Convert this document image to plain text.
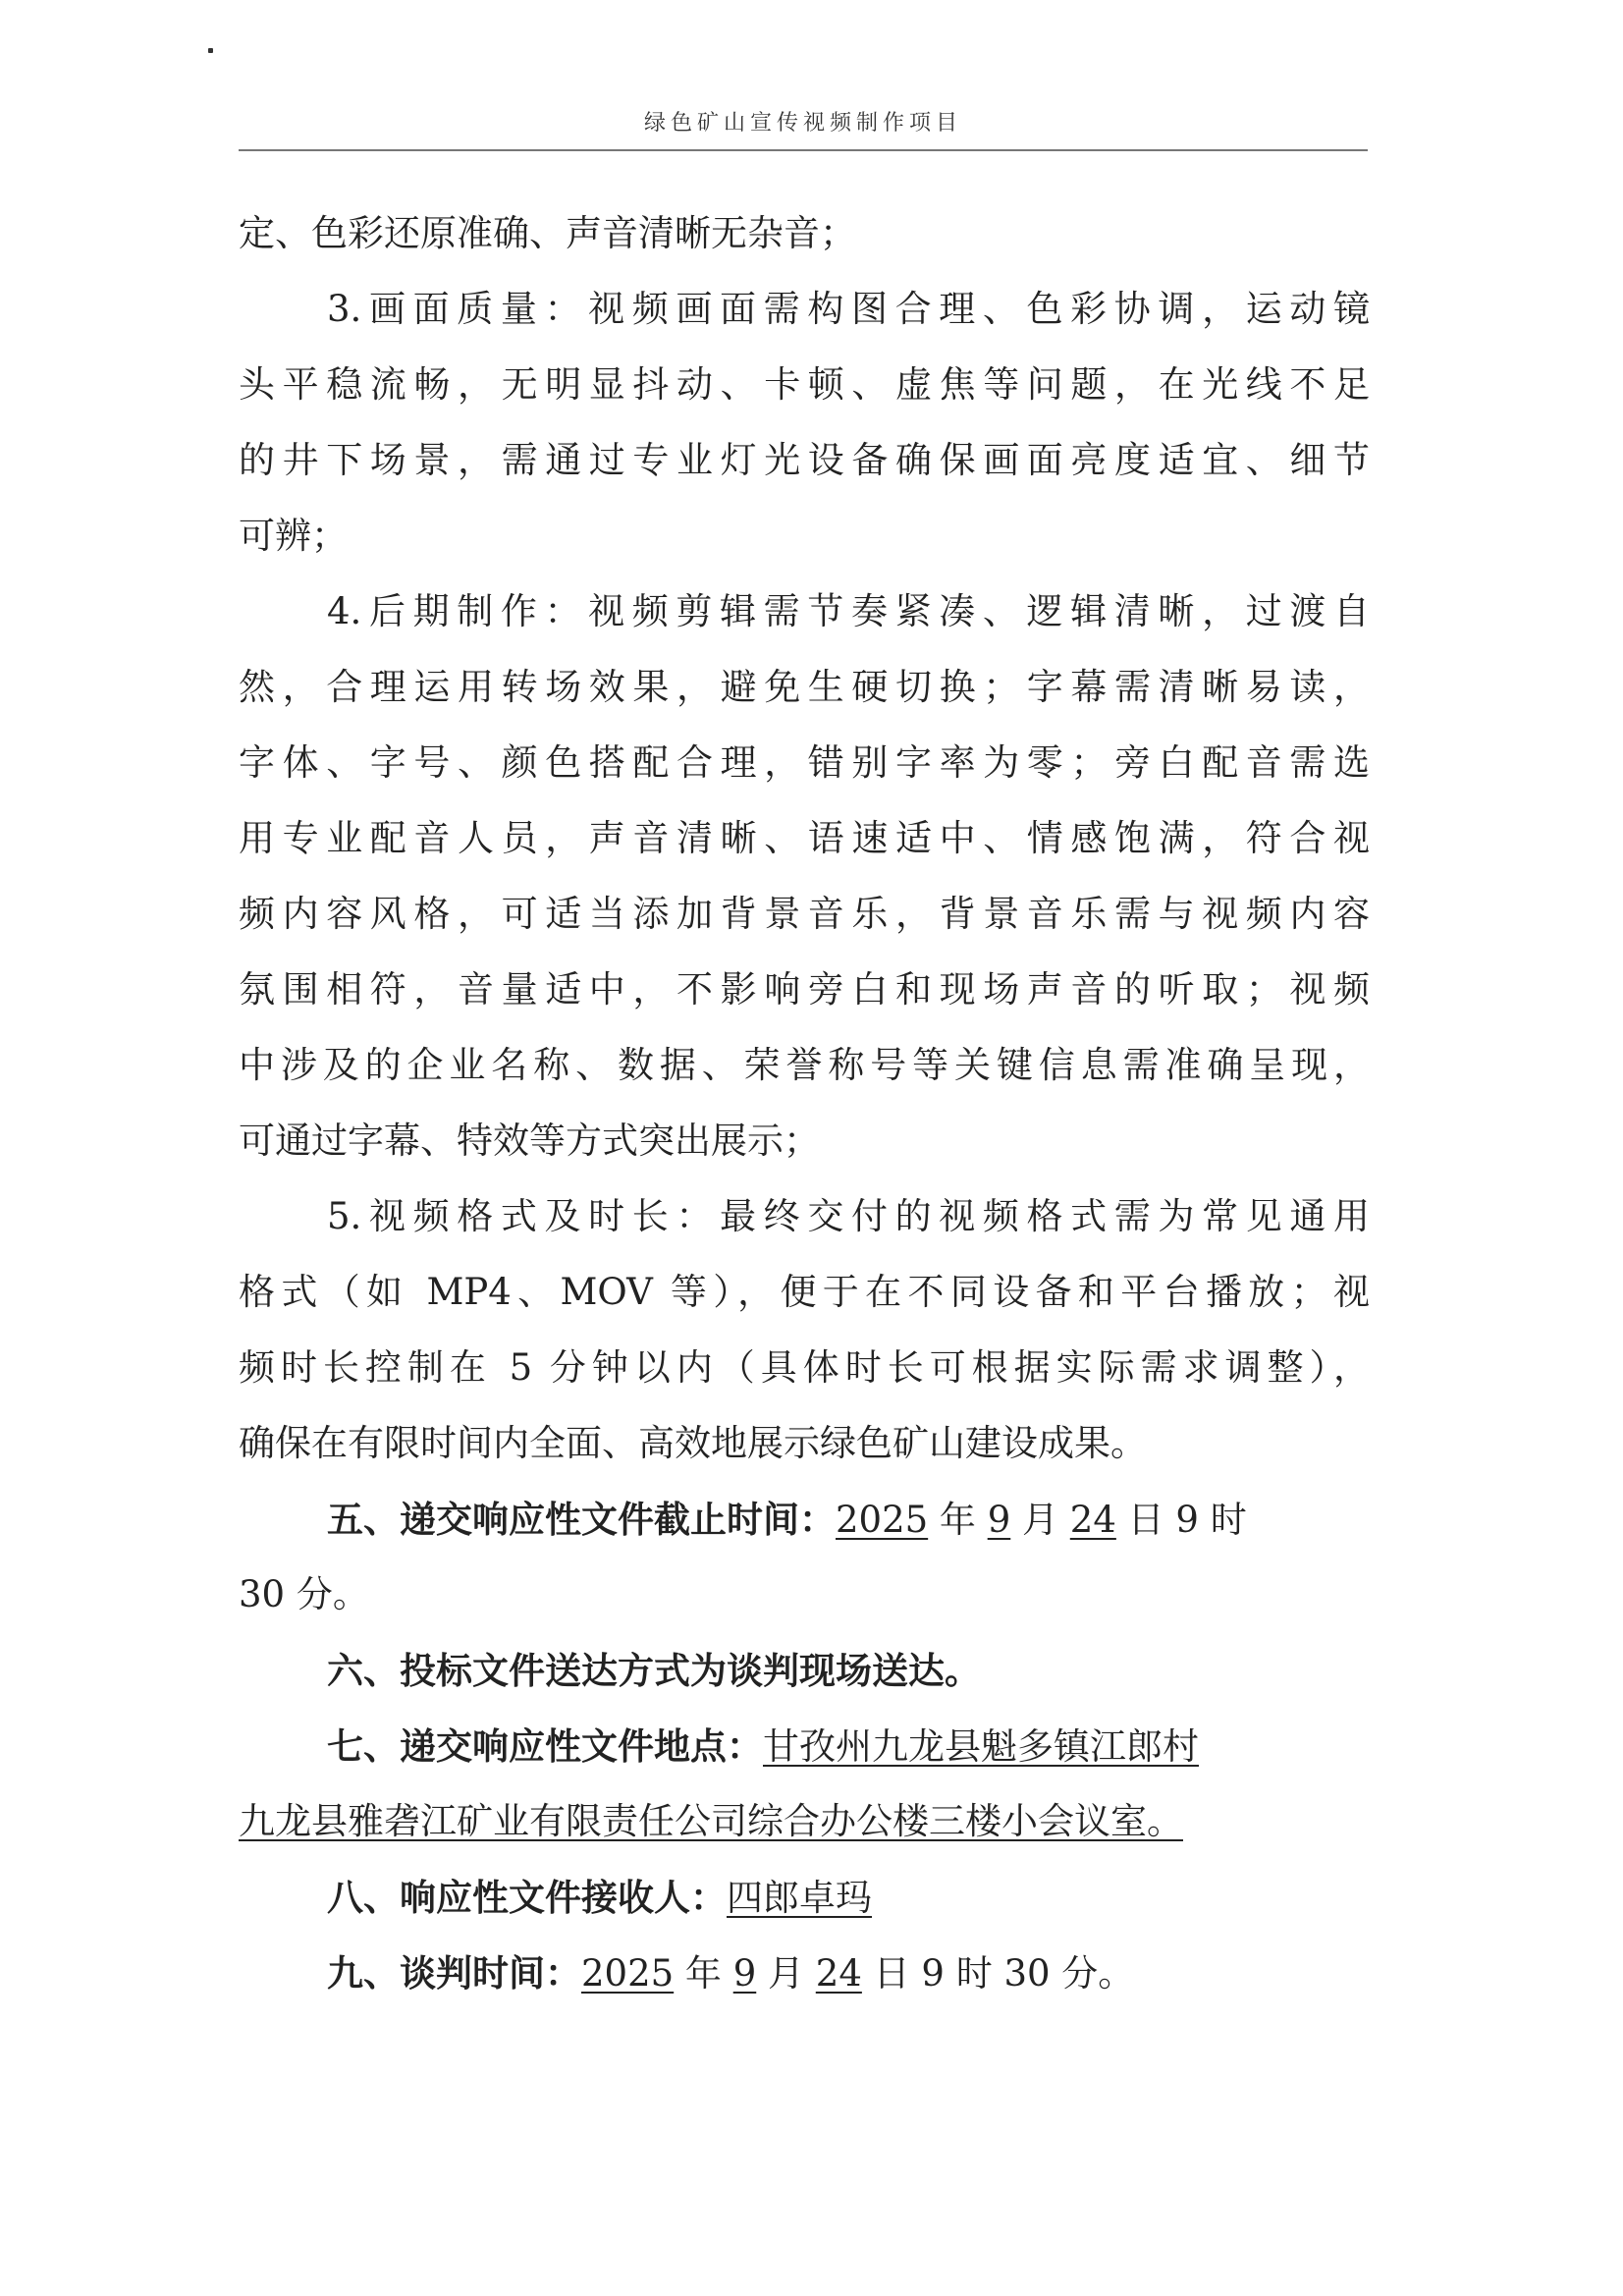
绿色矿山宣传视频制作项目
定、色彩还原准确、声音清晰无杂音；
3.画面质量：视频画面需构图合理、色彩协调，运动镜
头平稳流畅，无明显抖动、卡顿、虚焦等问题，在光线不足
的井下场景，需通过专业灯光设备确保画面亮度适宜、细节
可辨；
4.后期制作：视频剪辑需节奏紧凑、逻辑清晰，过渡自
然，合理运用转场效果，避免生硬切换；字幕需清晰易读，
字体、字号、颜色搭配合理，错别字率为零；旁白配音需选
用专业配音人员，声音清晰、语速适中、情感饱满，符合视
频内容风格，可适当添加背景音乐，背景音乐需与视频内容
氛围相符，音量适中，不影响旁白和现场声音的听取；视频
中涉及的企业名称、数据、荣誉称号等关键信息需准确呈现，
可通过字幕、特效等方式突出展示；
5.视频格式及时长：最终交付的视频格式需为常见通用
格式（如 MP4、MOV 等），便于在不同设备和平台播放；视
频时长控制在 5 分钟以内（具体时长可根据实际需求调整），
确保在有限时间内全面、高效地展示绿色矿山建设成果。
五、递交响应性文件截止时间：2025 年 9 月 24 日 9 时
30 分。
六、投标文件送达方式为谈判现场送达。
七、递交响应性文件地点：甘孜州九龙县魁多镇江郎村
九龙县雅砻江矿业有限责任公司综合办公楼三楼小会议室。
八、响应性文件接收人：四郎卓玛
九、谈判时间：2025 年 9 月 24 日 9 时 30 分。
